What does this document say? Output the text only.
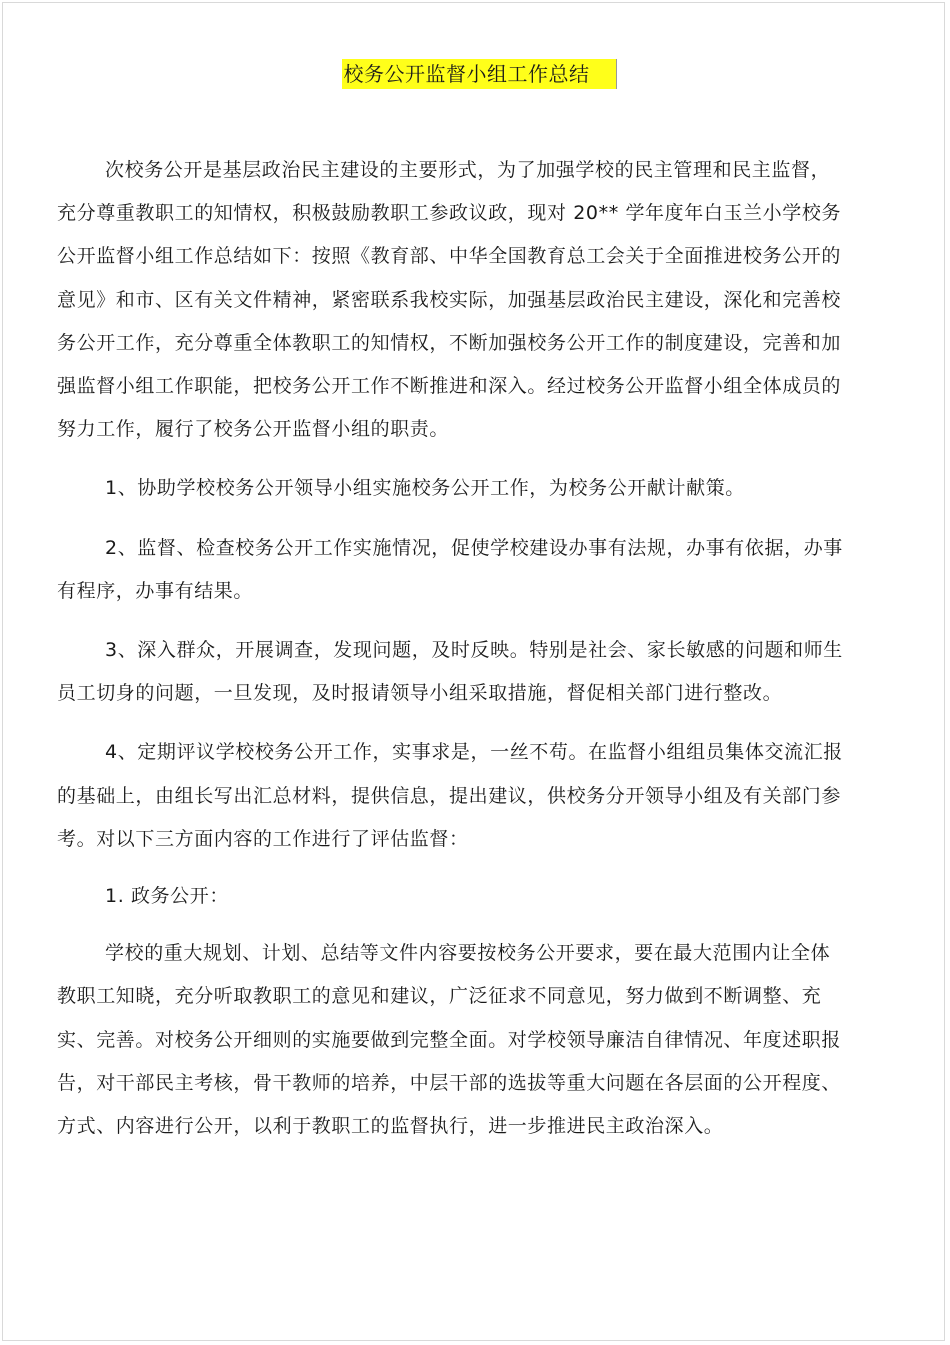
校务公开监督小组工作总结

次校务公开是基层政治民主建设的主要形式，为了加强学校的民主管理和民主监督，充分尊重教职工的知情权，积极鼓励教职工参政议政，现对 20** 学年度年白玉兰小学校务公开监督小组工作总结如下：按照《教育部、中华全国教育总工会关于全面推进校务公开的意见》和市、区有关文件精神，紧密联系我校实际，加强基层政治民主建设，深化和完善校务公开工作，充分尊重全体教职工的知情权，不断加强校务公开工作的制度建设，完善和加强监督小组工作职能，把校务公开工作不断推进和深入。经过校务公开监督小组全体成员的努力工作，履行了校务公开监督小组的职责。

1、协助学校校务公开领导小组实施校务公开工作，为校务公开献计献策。

2、监督、检查校务公开工作实施情况，促使学校建设办事有法规，办事有依据，办事有程序，办事有结果。

3、深入群众，开展调查，发现问题，及时反映。特别是社会、家长敏感的问题和师生员工切身的问题，一旦发现，及时报请领导小组采取措施，督促相关部门进行整改。

4、定期评议学校校务公开工作，实事求是，一丝不苟。在监督小组组员集体交流汇报的基础上，由组长写出汇总材料，提供信息，提出建议，供校务分开领导小组及有关部门参考。对以下三方面内容的工作进行了评估监督：

1. 政务公开：

学校的重大规划、计划、总结等文件内容要按校务公开要求，要在最大范围内让全体教职工知晓，充分听取教职工的意见和建议，广泛征求不同意见，努力做到不断调整、充实、完善。对校务公开细则的实施要做到完整全面。对学校领导廉洁自律情况、年度述职报告，对干部民主考核，骨干教师的培养，中层干部的选拔等重大问题在各层面的公开程度、方式、内容进行公开，以利于教职工的监督执行，进一步推进民主政治深入。
